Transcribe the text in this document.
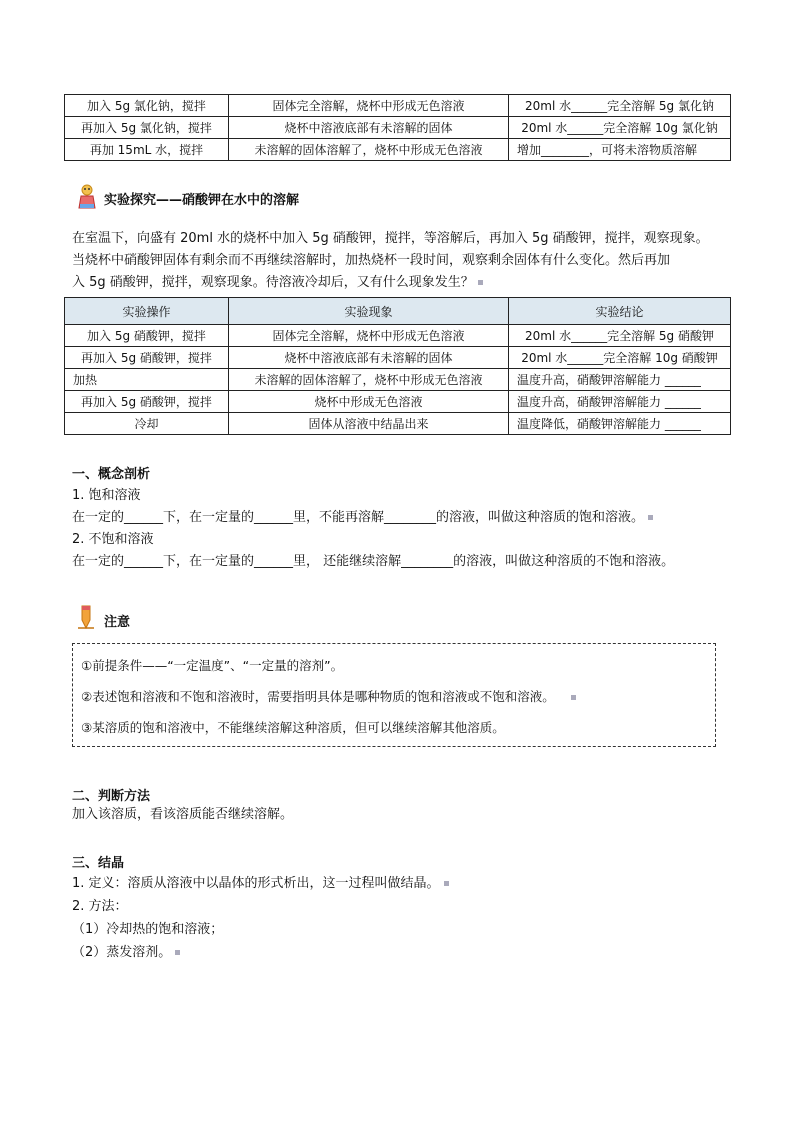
加入 5g 氯化钠，搅拌	固体完全溶解，烧杯中形成无色溶液	20ml 水______完全溶解 5g 氯化钠
再加入 5g 氯化钠，搅拌	烧杯中溶液底部有未溶解的固体	20ml 水______完全溶解 10g 氯化钠
再加 15mL 水，搅拌	未溶解的固体溶解了，烧杯中形成无色溶液	增加________，可将未溶物质溶解
实验探究——硝酸钾在水中的溶解
在室温下，向盛有 20ml 水的烧杯中加入 5g 硝酸钾，搅拌，等溶解后，再加入 5g 硝酸钾，搅拌，观察现象。
当烧杯中硝酸钾固体有剩余而不再继续溶解时，加热烧杯一段时间，观察剩余固体有什么变化。然后再加
入 5g 硝酸钾，搅拌，观察现象。待溶液冷却后，又有什么现象发生？
实验操作	实验现象	实验结论
加入 5g 硝酸钾，搅拌	固体完全溶解，烧杯中形成无色溶液	20ml 水______完全溶解 5g 硝酸钾
再加入 5g 硝酸钾，搅拌	烧杯中溶液底部有未溶解的固体	20ml 水______完全溶解 10g 硝酸钾
加热	未溶解的固体溶解了，烧杯中形成无色溶液	温度升高，硝酸钾溶解能力 ______
再加入 5g 硝酸钾，搅拌	烧杯中形成无色溶液	温度升高，硝酸钾溶解能力 ______
冷却	固体从溶液中结晶出来	温度降低，硝酸钾溶解能力 ______
一、概念剖析
1. 饱和溶液
在一定的______下，在一定量的______里，不能再溶解________的溶液，叫做这种溶质的饱和溶液。
2. 不饱和溶液
在一定的______下，在一定量的______里， 还能继续溶解________的溶液，叫做这种溶质的不饱和溶液。
注意
①前提条件——“一定温度”、“一定量的溶剂”。
②表述饱和溶液和不饱和溶液时，需要指明具体是哪种物质的饱和溶液或不饱和溶液。
③某溶质的饱和溶液中，不能继续溶解这种溶质，但可以继续溶解其他溶质。
二、判断方法
加入该溶质，看该溶质能否继续溶解。
三、结晶
1. 定义：溶质从溶液中以晶体的形式析出，这一过程叫做结晶。
2. 方法：
（1）冷却热的饱和溶液；
（2）蒸发溶剂。
